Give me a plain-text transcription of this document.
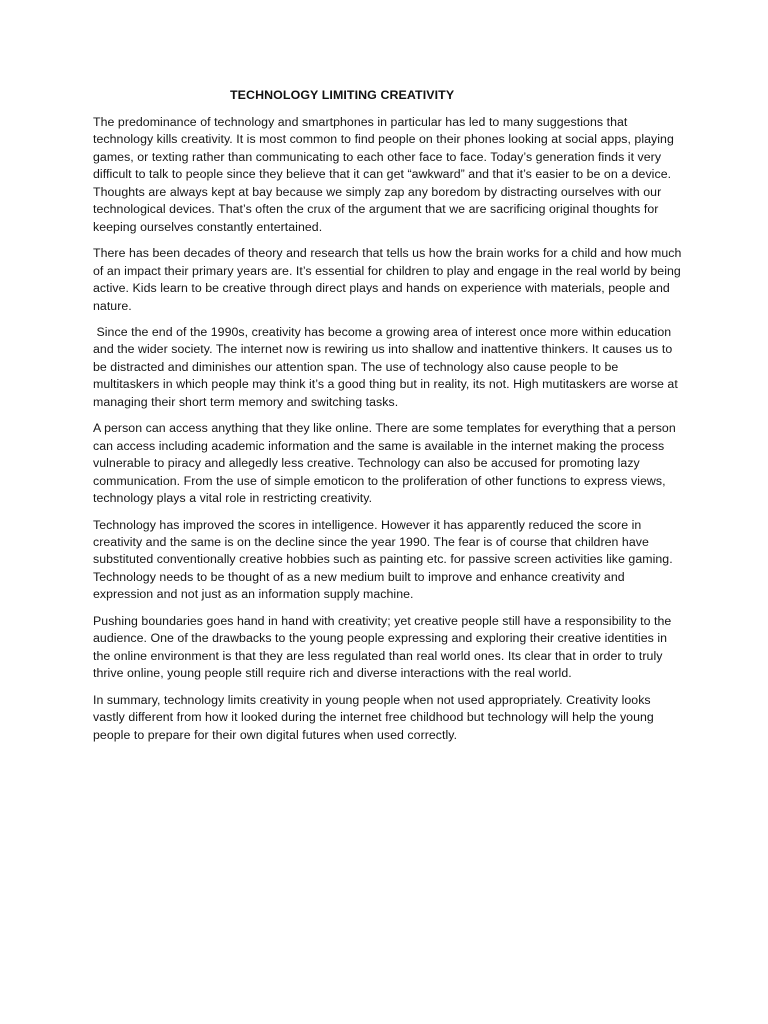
TECHNOLOGY LIMITING CREATIVITY

The predominance of technology and smartphones in particular has led to many suggestions that technology kills creativity. It is most common to find people on their phones looking at social apps, playing games, or texting rather than communicating to each other face to face. Today’s generation finds it very difficult to talk to people since they believe that it can get “awkward” and that it’s easier to be on a device. Thoughts are always kept at bay because we simply zap any boredom by distracting ourselves with our technological devices. That’s often the crux of the argument that we are sacrificing original thoughts for keeping ourselves constantly entertained.

There has been decades of theory and research that tells us how the brain works for a child and how much of an impact their primary years are. It’s essential for children to play and engage in the real world by being active. Kids learn to be creative through direct plays and hands on experience with materials, people and nature.

Since the end of the 1990s, creativity has become a growing area of interest once more within education and the wider society. The internet now is rewiring us into shallow and inattentive thinkers. It causes us to be distracted and diminishes our attention span. The use of technology also cause people to be multitaskers in which people may think it’s a good thing but in reality, its not. High mutitaskers are worse at managing their short term memory and switching tasks.

A person can access anything that they like online. There are some templates for everything that a person can access including academic information and the same is available in the internet making the process vulnerable to piracy and allegedly less creative. Technology can also be accused for promoting lazy communication. From the use of simple emoticon to the proliferation of other functions to express views, technology plays a vital role in restricting creativity.

Technology has improved the scores in intelligence. However it has apparently reduced the score in creativity and the same is on the decline since the year 1990. The fear is of course that children have substituted conventionally creative hobbies such as painting etc. for passive screen activities like gaming. Technology needs to be thought of as a new medium built to improve and enhance creativity and expression and not just as an information supply machine.

Pushing boundaries goes hand in hand with creativity; yet creative people still have a responsibility to the audience. One of the drawbacks to the young people expressing and exploring their creative identities in the online environment is that they are less regulated than real world ones. Its clear that in order to truly thrive online, young people still require rich and diverse interactions with the real world.

In summary, technology limits creativity in young people when not used appropriately. Creativity looks vastly different from how it looked during the internet free childhood but technology will help the young people to prepare for their own digital futures when used correctly.
